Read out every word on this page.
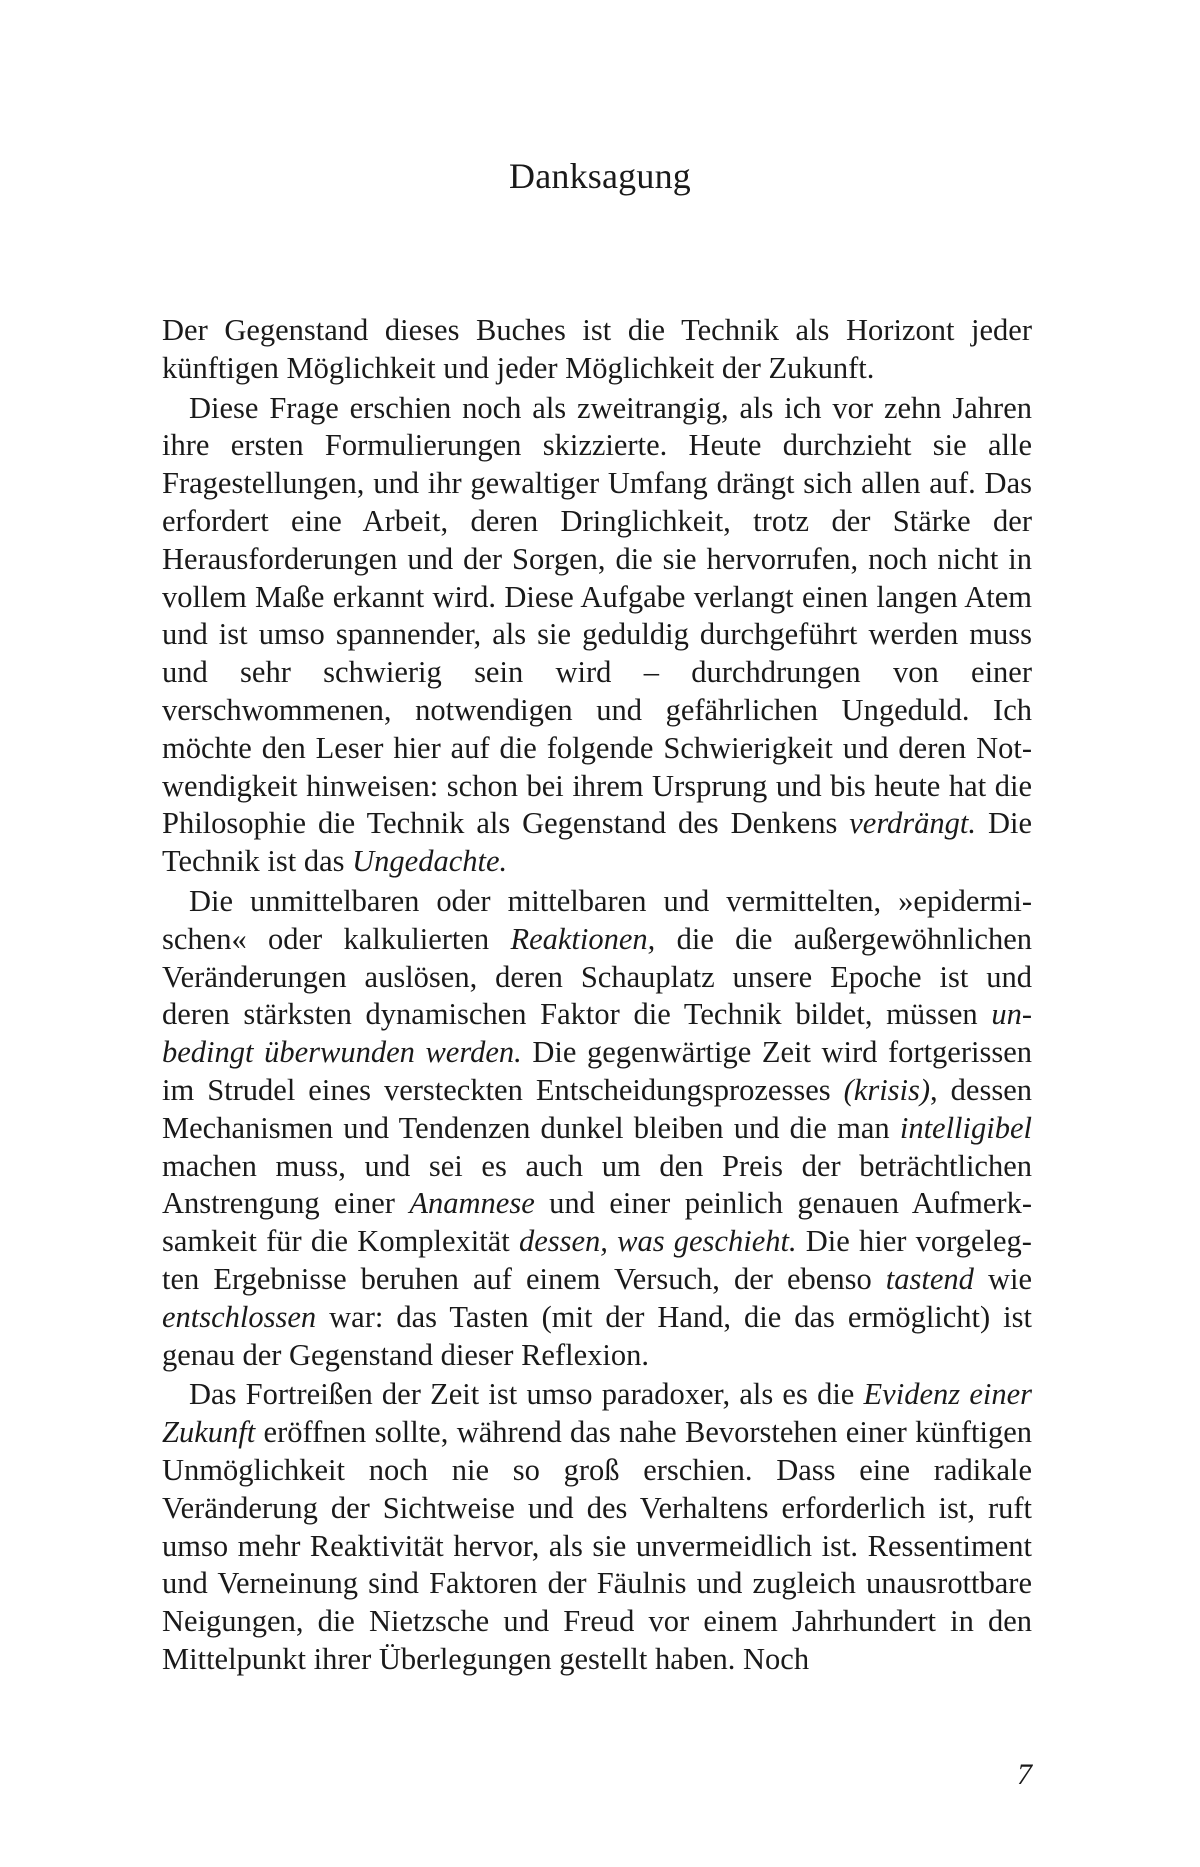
Danksagung

Der Gegenstand dieses Buches ist die Technik als Horizont jeder künftigen Möglichkeit und jeder Möglichkeit der Zukunft.

Diese Frage erschien noch als zweitrangig, als ich vor zehn Jahren ihre ersten Formulierungen skizzierte. Heute durchzieht sie alle Fragestellungen, und ihr gewaltiger Umfang drängt sich allen auf. Das erfordert eine Arbeit, deren Dringlichkeit, trotz der Stärke der Herausforderungen und der Sorgen, die sie hervorrufen, noch nicht in vollem Maße erkannt wird. Diese Aufgabe verlangt einen langen Atem und ist umso spannender, als sie geduldig durchgeführt werden muss und sehr schwierig sein wird – durchdrungen von einer verschwommenen, notwendigen und gefährlichen Ungeduld. Ich möchte den Leser hier auf die folgende Schwierigkeit und deren Notwendigkeit hinweisen: schon bei ihrem Ursprung und bis heute hat die Philosophie die Technik als Gegenstand des Denkens verdrängt. Die Technik ist das Ungedachte.

Die unmittelbaren oder mittelbaren und vermittelten, »epidermischen« oder kalkulierten Reaktionen, die die außergewöhnlichen Veränderungen auslösen, deren Schauplatz unsere Epoche ist und deren stärksten dynamischen Faktor die Technik bildet, müssen unbedingt überwunden werden. Die gegenwärtige Zeit wird fortgerissen im Strudel eines versteckten Entscheidungsprozesses (krisis), dessen Mechanismen und Tendenzen dunkel bleiben und die man intelligibel machen muss, und sei es auch um den Preis der beträchtlichen Anstrengung einer Anamnese und einer peinlich genauen Aufmerksamkeit für die Komplexität dessen, was geschieht. Die hier vorgelegten Ergebnisse beruhen auf einem Versuch, der ebenso tastend wie entschlossen war: das Tasten (mit der Hand, die das ermöglicht) ist genau der Gegenstand dieser Reflexion.

Das Fortreißen der Zeit ist umso paradoxer, als es die Evidenz einer Zukunft eröffnen sollte, während das nahe Bevorstehen einer künftigen Unmöglichkeit noch nie so groß erschien. Dass eine radikale Veränderung der Sichtweise und des Verhaltens erforderlich ist, ruft umso mehr Reaktivität hervor, als sie unvermeidlich ist. Ressentiment und Verneinung sind Faktoren der Fäulnis und zugleich unausrottbare Neigungen, die Nietzsche und Freud vor einem Jahrhundert in den Mittelpunkt ihrer Überlegungen gestellt haben. Noch

7
